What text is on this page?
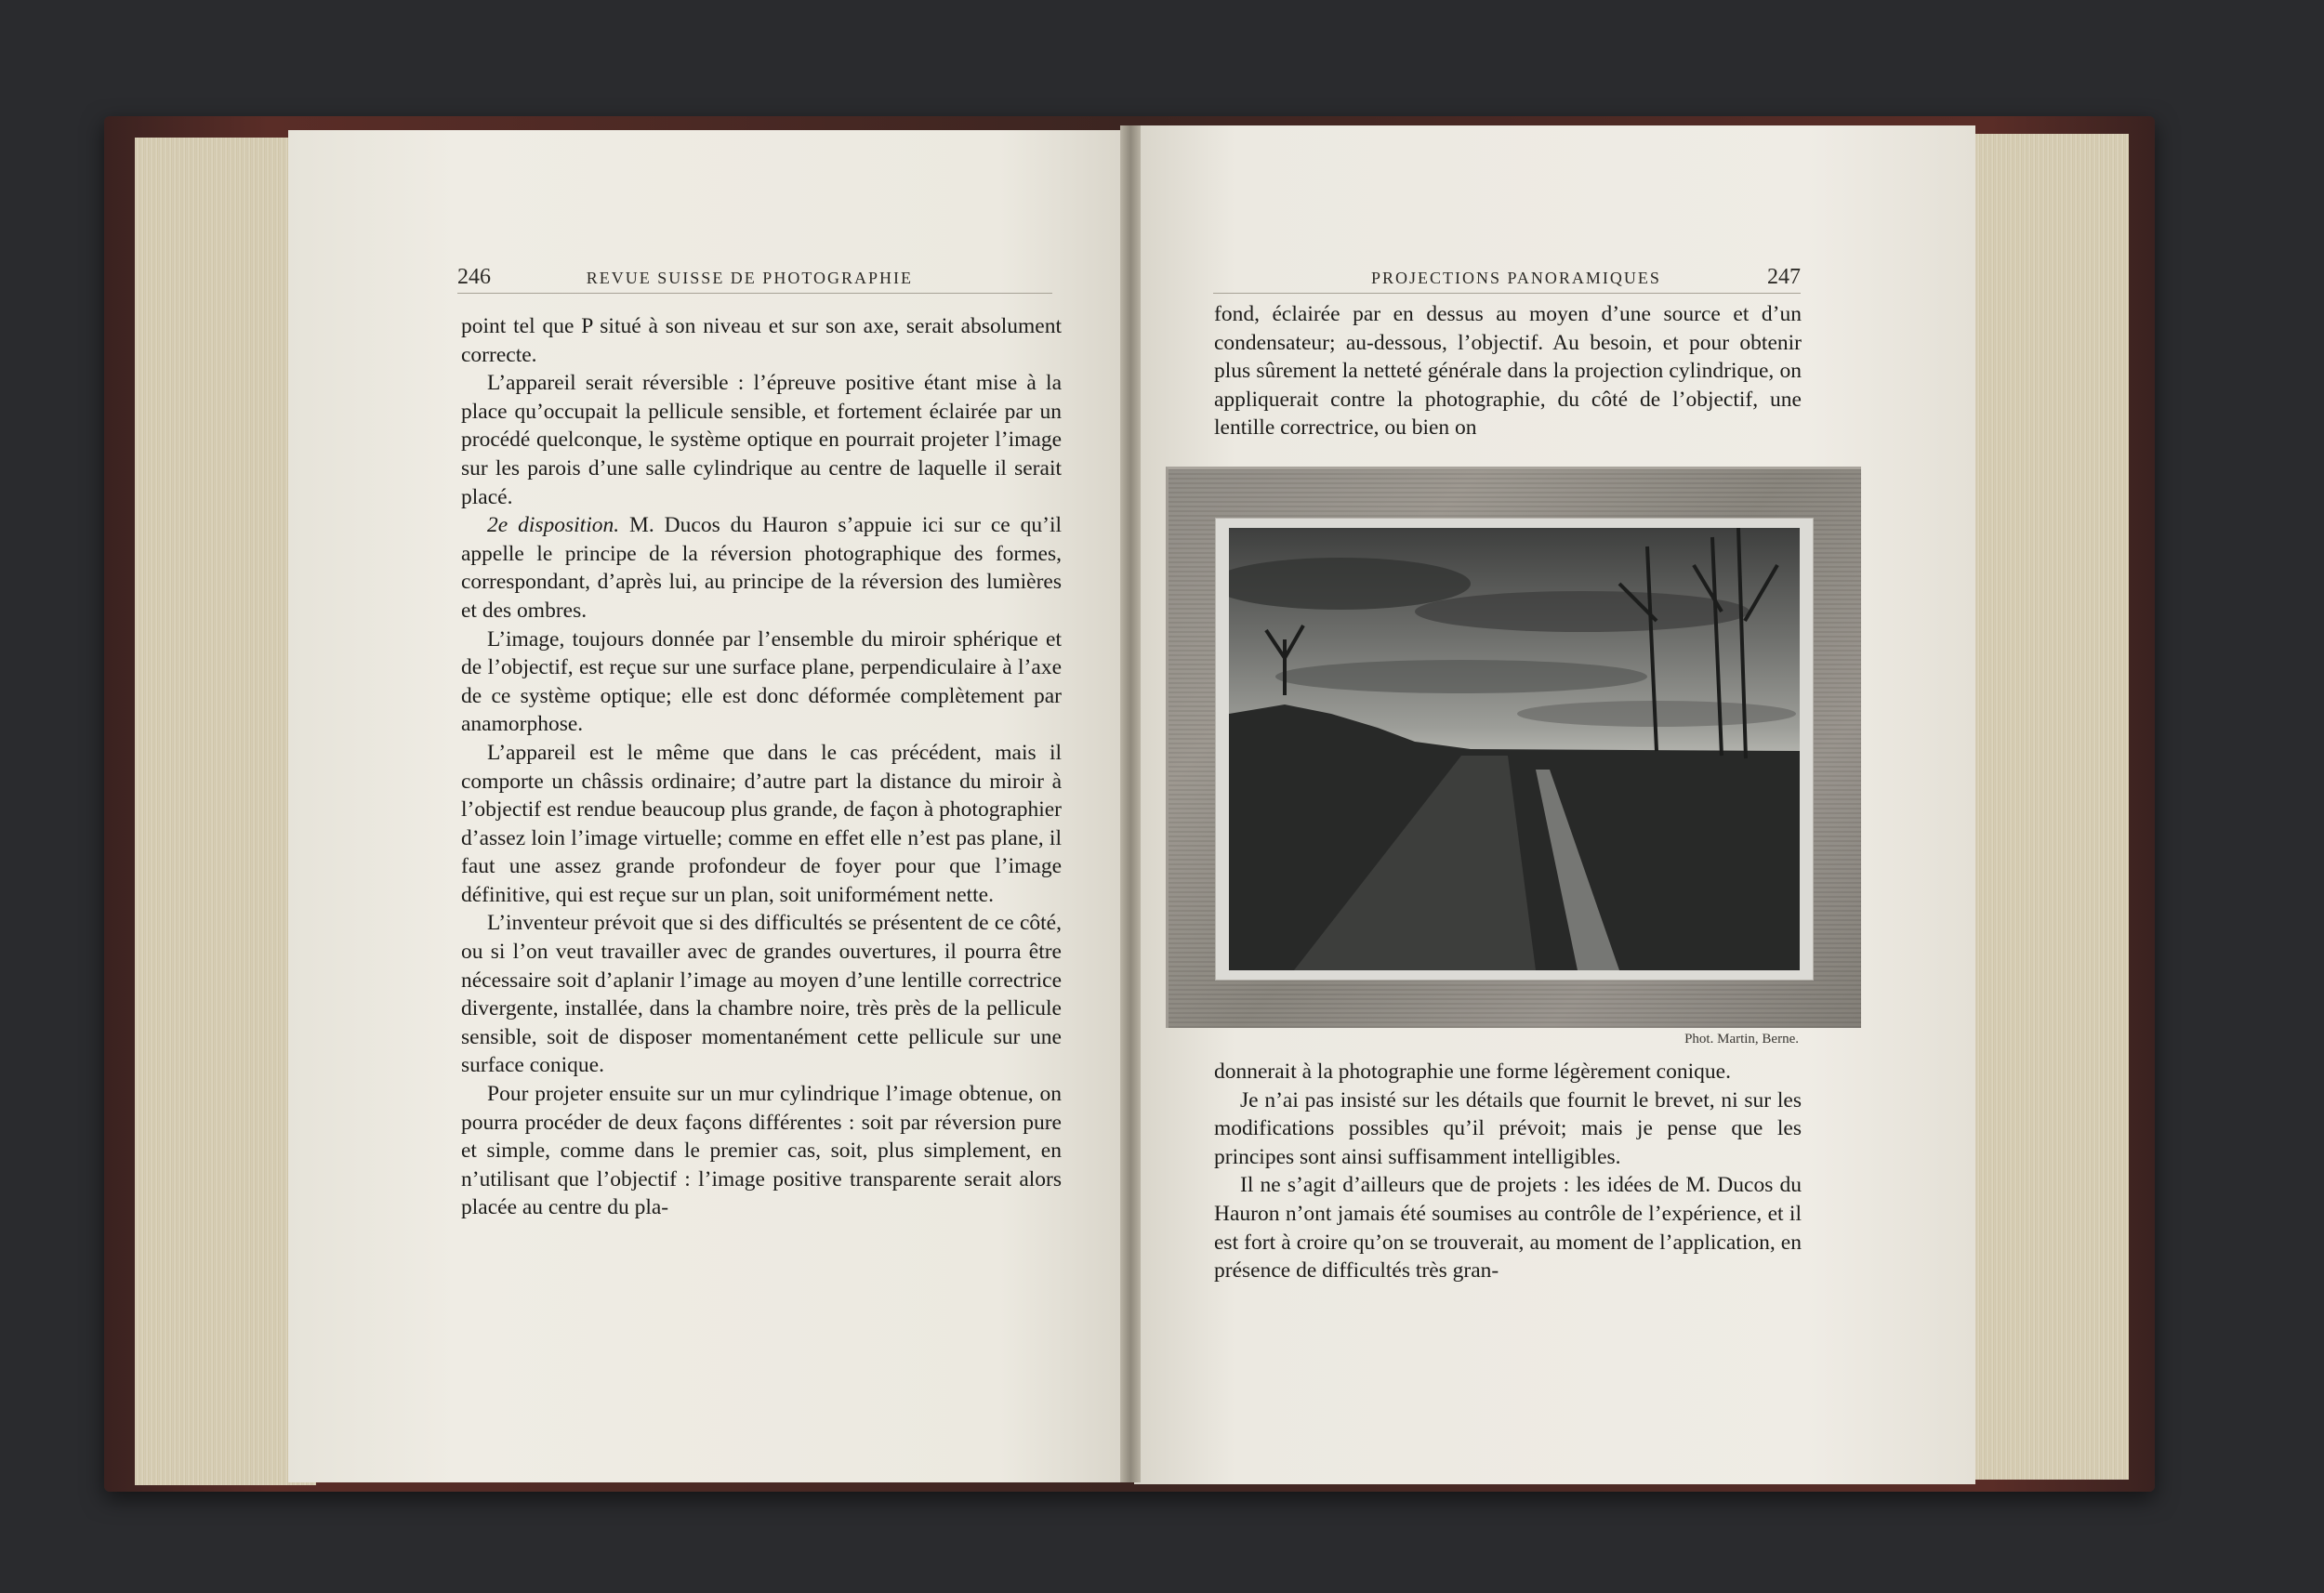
246	REVUE SUISSE DE PHOTOGRAPHIE	PROJECTIONS PANORAMIQUES	247

point tel que P situé à son niveau et sur son axe, serait absolument correcte.

L’appareil serait réversible : l’épreuve positive étant mise à la place qu’occupait la pellicule sensible, et fortement éclairée par un procédé quelconque, le système optique en pourrait projeter l’image sur les parois d’une salle cylindrique au centre de laquelle il serait placé.

2e disposition. M. Ducos du Hauron s’appuie ici sur ce qu’il appelle le principe de la réversion photographique des formes, correspondant, d’après lui, au principe de la réversion des lumières et des ombres.

L’image, toujours donnée par l’ensemble du miroir sphérique et de l’objectif, est reçue sur une surface plane, perpendiculaire à l’axe de ce système optique; elle est donc déformée complètement par anamorphose.

L’appareil est le même que dans le cas précédent, mais il comporte un châssis ordinaire; d’autre part la distance du miroir à l’objectif est rendue beaucoup plus grande, de façon à photographier d’assez loin l’image virtuelle; comme en effet elle n’est pas plane, il faut une assez grande profondeur de foyer pour que l’image définitive, qui est reçue sur un plan, soit uniformément nette.

L’inventeur prévoit que si des difficultés se présentent de ce côté, ou si l’on veut travailler avec de grandes ouvertures, il pourra être nécessaire soit d’aplanir l’image au moyen d’une lentille correctrice divergente, installée, dans la chambre noire, très près de la pellicule sensible, soit de disposer momentanément cette pellicule sur une surface conique.

Pour projeter ensuite sur un mur cylindrique l’image obtenue, on pourra procéder de deux façons différentes : soit par réversion pure et simple, comme dans le premier cas, soit, plus simplement, en n’utilisant que l’objectif : l’image positive transparente serait alors placée au centre du pla-

fond, éclairée par en dessus au moyen d’une source et d’un condensateur; au-dessous, l’objectif. Au besoin, et pour obtenir plus sûrement la netteté générale dans la projection cylindrique, on appliquerait contre la photographie, du côté de l’objectif, une lentille correctrice, ou bien on

Phot. Martin, Berne.

donnerait à la photographie une forme légèrement conique.

Je n’ai pas insisté sur les détails que fournit le brevet, ni sur les modifications possibles qu’il prévoit; mais je pense que les principes sont ainsi suffisamment intelligibles.

Il ne s’agit d’ailleurs que de projets : les idées de M. Ducos du Hauron n’ont jamais été soumises au contrôle de l’expérience, et il est fort à croire qu’on se trouverait, au moment de l’application, en présence de difficultés très gran-
